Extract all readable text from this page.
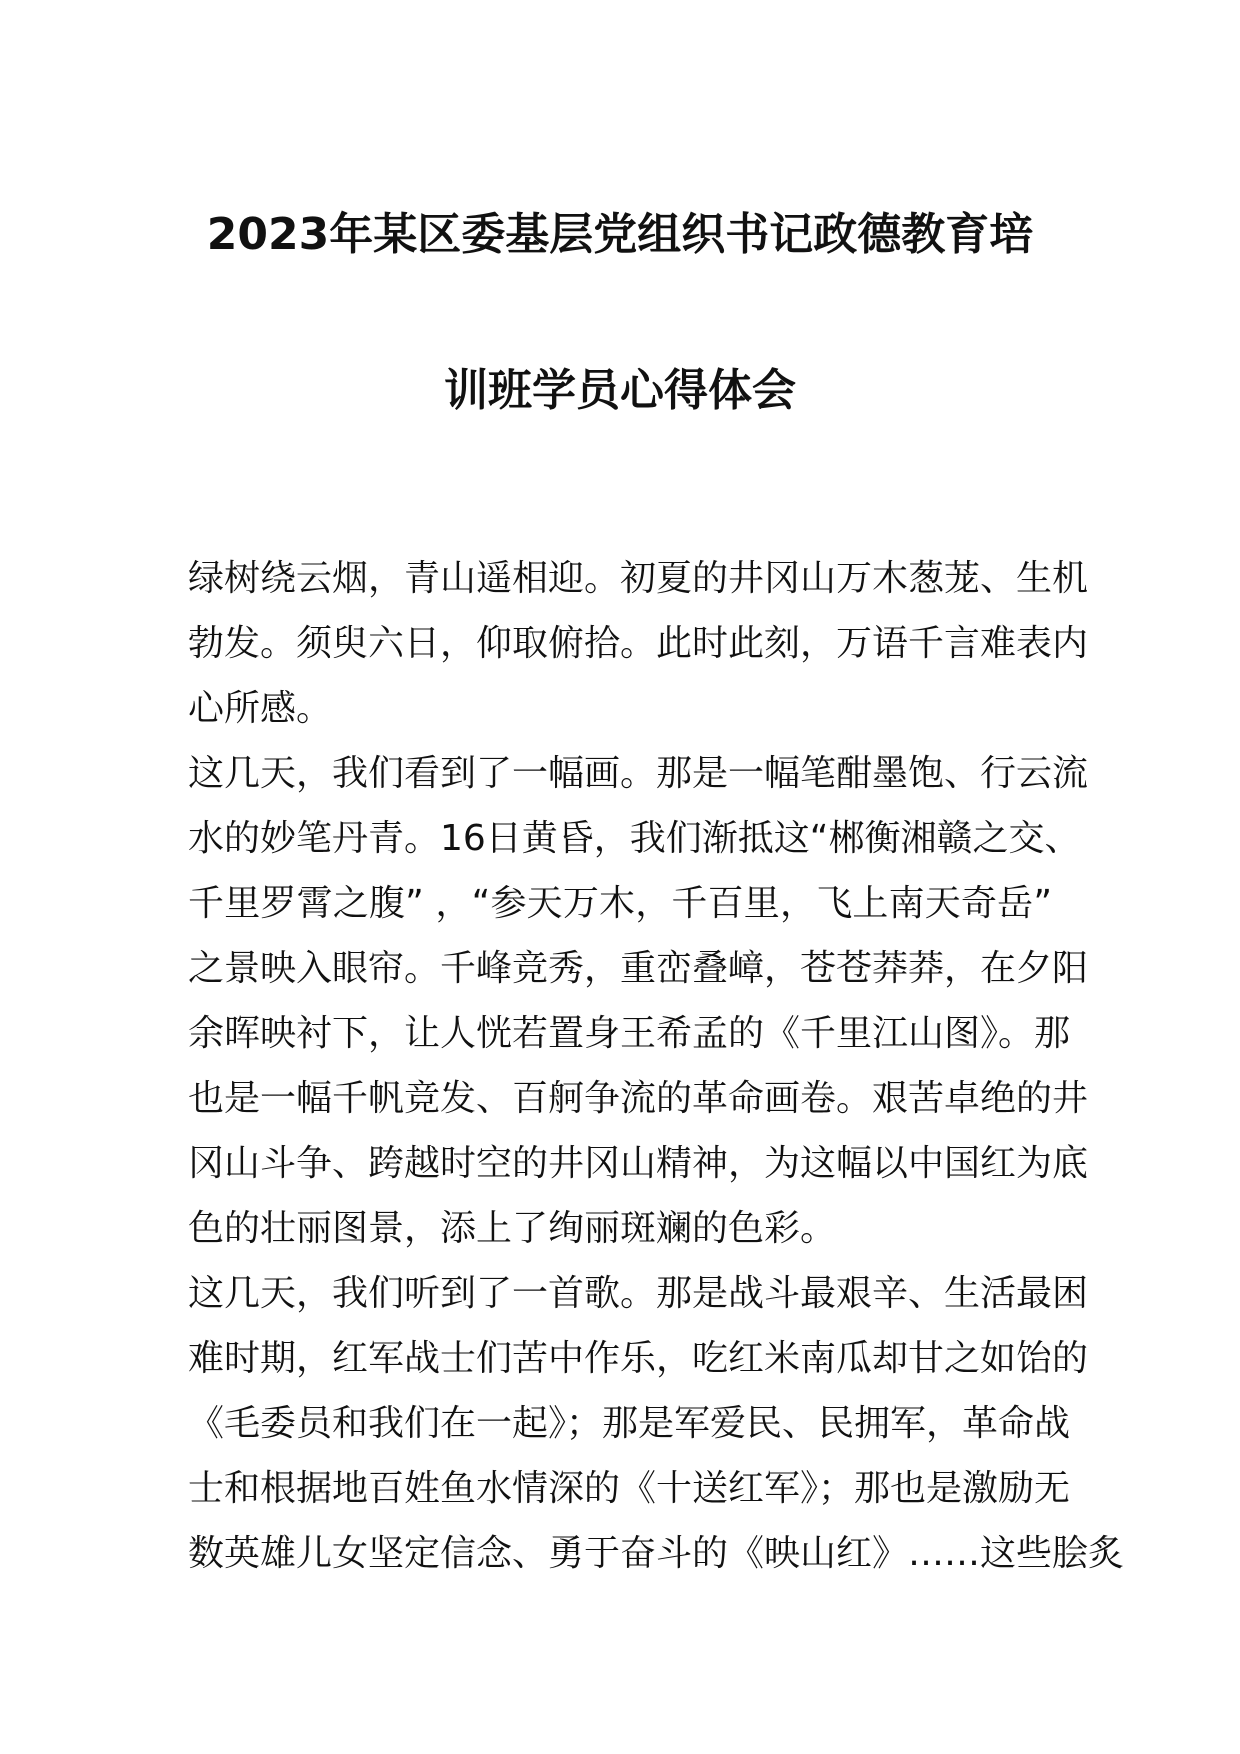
2023年某区委基层党组织书记政德教育培
训班学员心得体会
绿树绕云烟，青山遥相迎。初夏的井冈山万木葱茏、生机
勃发。须臾六日，仰取俯拾。此时此刻，万语千言难表内
心所感。
这几天，我们看到了一幅画。那是一幅笔酣墨饱、行云流
水的妙笔丹青。16日黄昏，我们渐抵这“郴衡湘赣之交、
千里罗霄之腹” ，“参天万木，千百里，飞上南天奇岳”
之景映入眼帘。千峰竞秀，重峦叠嶂，苍苍莽莽，在夕阳
余晖映衬下，让人恍若置身王希孟的《千里江山图》。那
也是一幅千帆竞发、百舸争流的革命画卷。艰苦卓绝的井
冈山斗争、跨越时空的井冈山精神，为这幅以中国红为底
色的壮丽图景，添上了绚丽斑斓的色彩。
这几天，我们听到了一首歌。那是战斗最艰辛、生活最困
难时期，红军战士们苦中作乐，吃红米南瓜却甘之如饴的
《毛委员和我们在一起》；那是军爱民、民拥军，革命战
士和根据地百姓鱼水情深的《十送红军》；那也是激励无
数英雄儿女坚定信念、勇于奋斗的《映山红》……这些脍炙
